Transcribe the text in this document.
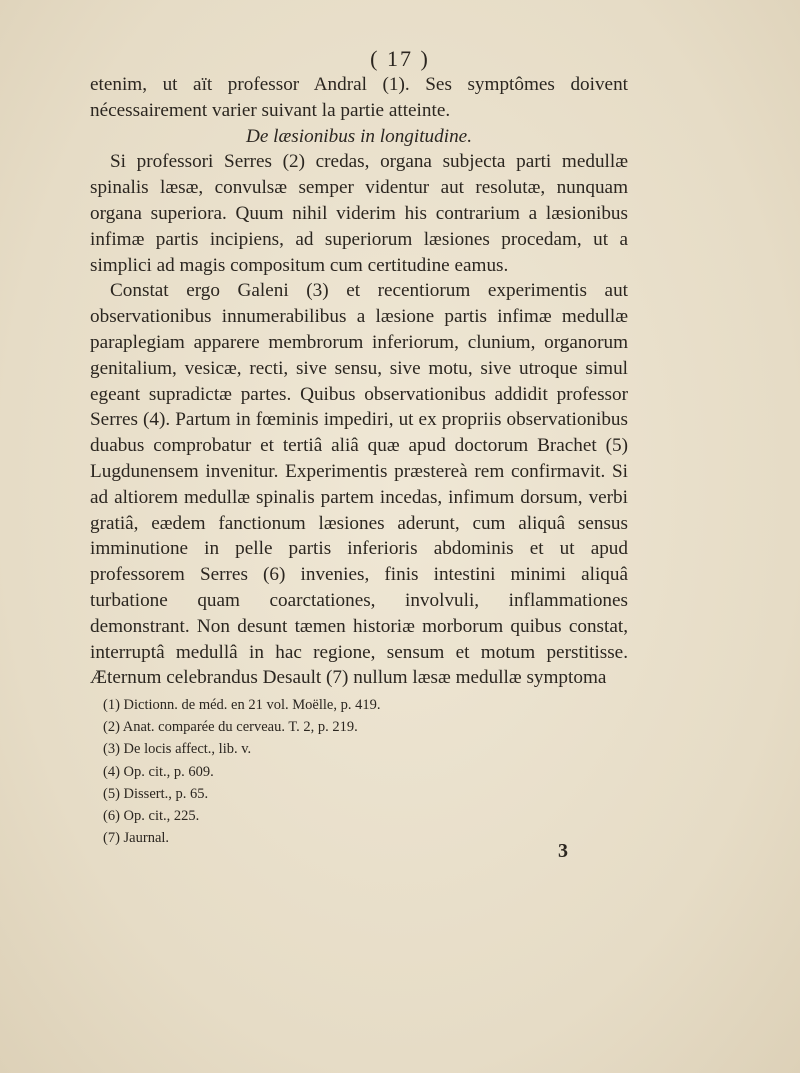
( 17 )

etenim, ut aït professor Andral (1). Ses symptômes doivent nécessairement varier suivant la partie atteinte.

De læsionibus in longitudine.

Si professori Serres (2) credas, organa subjecta parti medullæ spinalis læsæ, convulsæ semper videntur aut resolutæ, nunquam organa superiora. Quum nihil viderim his contrarium a læsionibus infimæ partis incipiens, ad superiorum læsiones procedam, ut a simplici ad magis compositum cum certitudine eamus.

Constat ergo Galeni (3) et recentiorum experimentis aut observationibus innumerabilibus a læsione partis infimæ medullæ paraplegiam apparere membrorum inferiorum, clunium, organorum genitalium, vesicæ, recti, sive sensu, sive motu, sive utroque simul egeant supradictæ partes. Quibus observationibus addidit professor Serres (4). Partum in fœminis impediri, ut ex propriis observationibus duabus comprobatur et tertiâ aliâ quæ apud doctorum Brachet (5) Lugdunensem invenitur. Experimentis præstereà rem confirmavit. Si ad altiorem medullæ spinalis partem incedas, infimum dorsum, verbi gratiâ, eædem fanctionum læsiones aderunt, cum aliquâ sensus imminutione in pelle partis inferioris abdominis et ut apud professorem Serres (6) invenies, finis intestini minimi aliquâ turbatione quam coarctationes, involvuli, inflammationes demonstrant. Non desunt tæmen historiæ morborum quibus constat, interruptâ medullâ in hac regione, sensum et motum perstitisse. Æternum celebrandus Desault (7) nullum læsæ medullæ symptoma

(1) Dictionn. de méd. en 21 vol. Moëlle, p. 419.
(2) Anat. comparée du cerveau. T. 2, p. 219.
(3) De locis affect., lib. v.
(4) Op. cit., p. 609.
(5) Dissert., p. 65.
(6) Op. cit., 225.
(7) Jaurnal.
3
